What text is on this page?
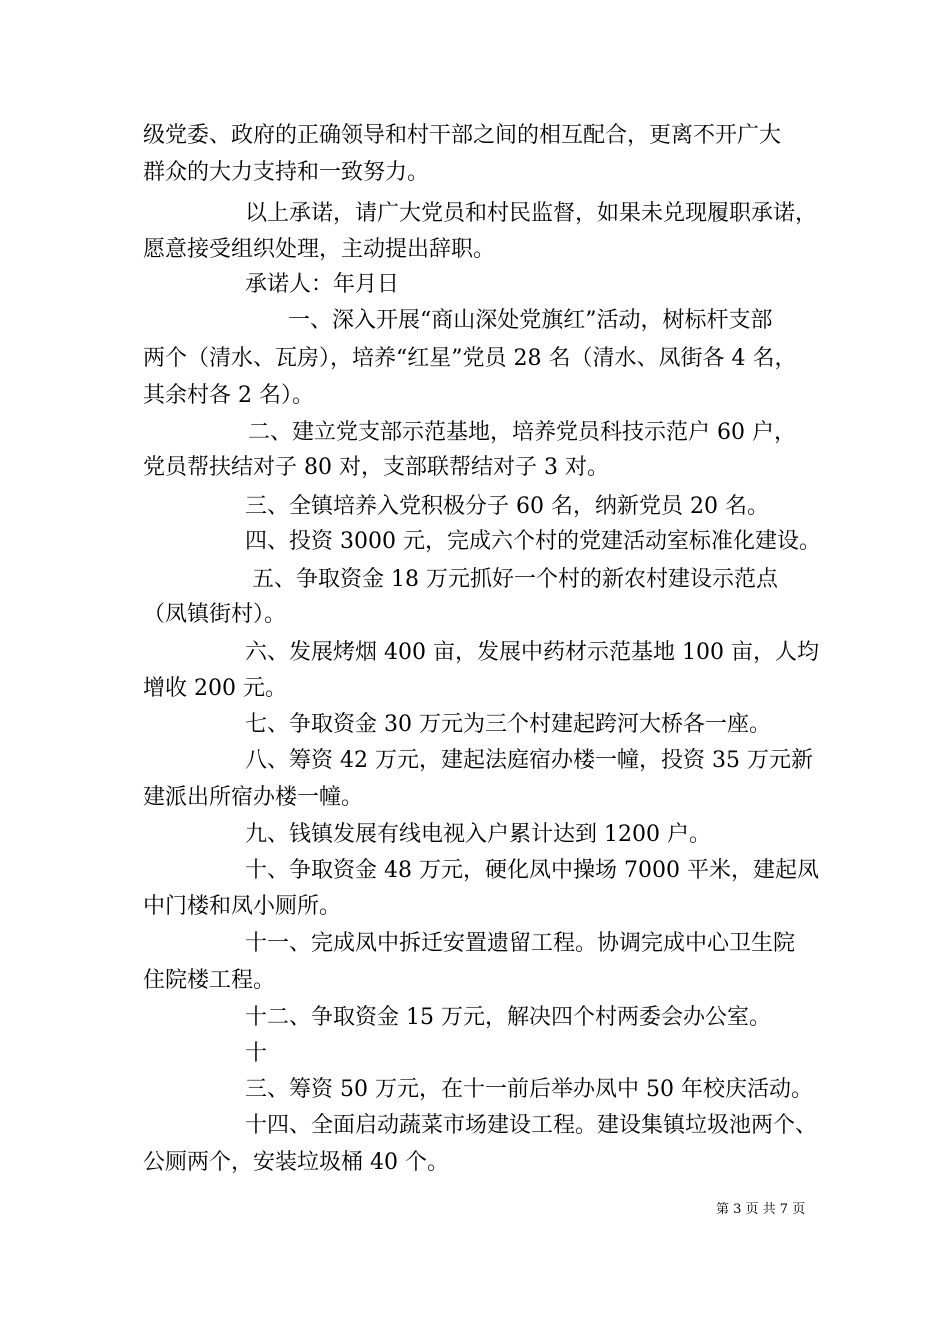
级党委、政府的正确领导和村干部之间的相互配合，更离不开广大
群众的大力支持和一致努力。
以上承诺，请广大党员和村民监督，如果未兑现履职承诺，
愿意接受组织处理，主动提出辞职。
承诺人：年月日
一、深入开展“商山深处党旗红”活动，树标杆支部
两个（清水、瓦房），培养“红星”党员 28 名（清水、凤街各 4 名，
其余村各 2 名）。
二、建立党支部示范基地，培养党员科技示范户 60 户，
党员帮扶结对子 80 对，支部联帮结对子 3 对。
三、全镇培养入党积极分子 60 名，纳新党员 20 名。
四、投资 3000 元，完成六个村的党建活动室标准化建设。
五、争取资金 18 万元抓好一个村的新农村建设示范点
（凤镇街村）。
六、发展烤烟 400 亩，发展中药材示范基地 100 亩，人均
增收 200 元。
七、争取资金 30 万元为三个村建起跨河大桥各一座。
八、筹资 42 万元，建起法庭宿办楼一幢，投资 35 万元新
建派出所宿办楼一幢。
九、钱镇发展有线电视入户累计达到 1200 户。
十、争取资金 48 万元，硬化凤中操场 7000 平米，建起凤
中门楼和凤小厕所。
十一、完成凤中拆迁安置遗留工程。协调完成中心卫生院
住院楼工程。
十二、争取资金 15 万元，解决四个村两委会办公室。
十
三、筹资 50 万元，在十一前后举办凤中 50 年校庆活动。
十四、全面启动蔬菜市场建设工程。建设集镇垃圾池两个、
公厕两个，安装垃圾桶 40 个。
第 3 页 共 7 页
